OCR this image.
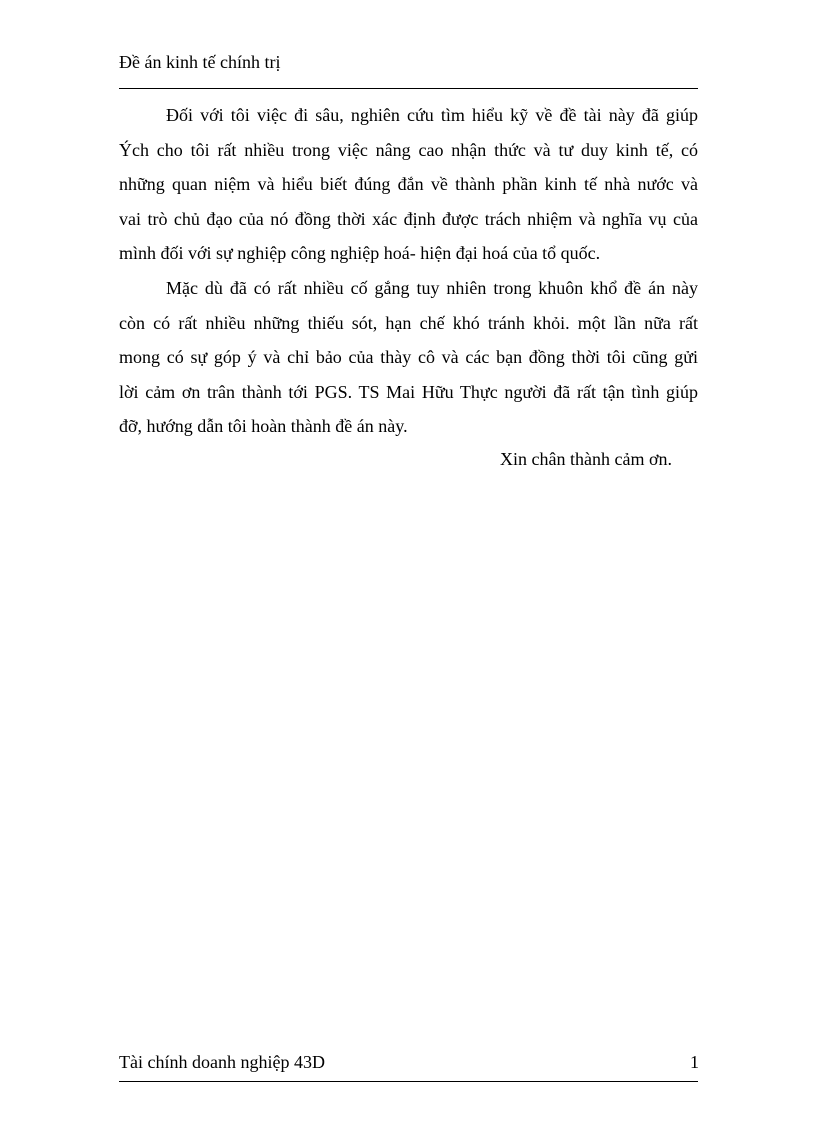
Đề án kinh tế chính trị
Đối với tôi việc đi sâu, nghiên cứu tìm hiểu kỹ về đề tài này đã giúp
Ých cho tôi rất nhiều trong việc nâng cao nhận thức và tư duy kinh tế, có
những quan niệm và hiểu biết đúng đắn về thành phần kinh tế nhà nước và
vai trò chủ đạo của nó đồng thời xác định được trách nhiệm và nghĩa vụ của
mình đối với sự nghiệp công nghiệp hoá- hiện đại hoá của tổ quốc.
Mặc dù đã có rất nhiều cố gắng tuy nhiên trong khuôn khổ đề án này
còn có rất nhiều những thiếu sót, hạn chế khó tránh khỏi. một lần nữa rất
mong có sự góp ý và chỉ bảo của thày cô và các bạn đồng thời tôi cũng gửi
lời cảm ơn trân thành tới PGS. TS Mai Hữu Thực người đã rất tận tình giúp
đỡ, hướng dẫn tôi hoàn thành đề án này.
Xin chân thành cảm ơn.
Tài chính doanh nghiệp 43D	1
